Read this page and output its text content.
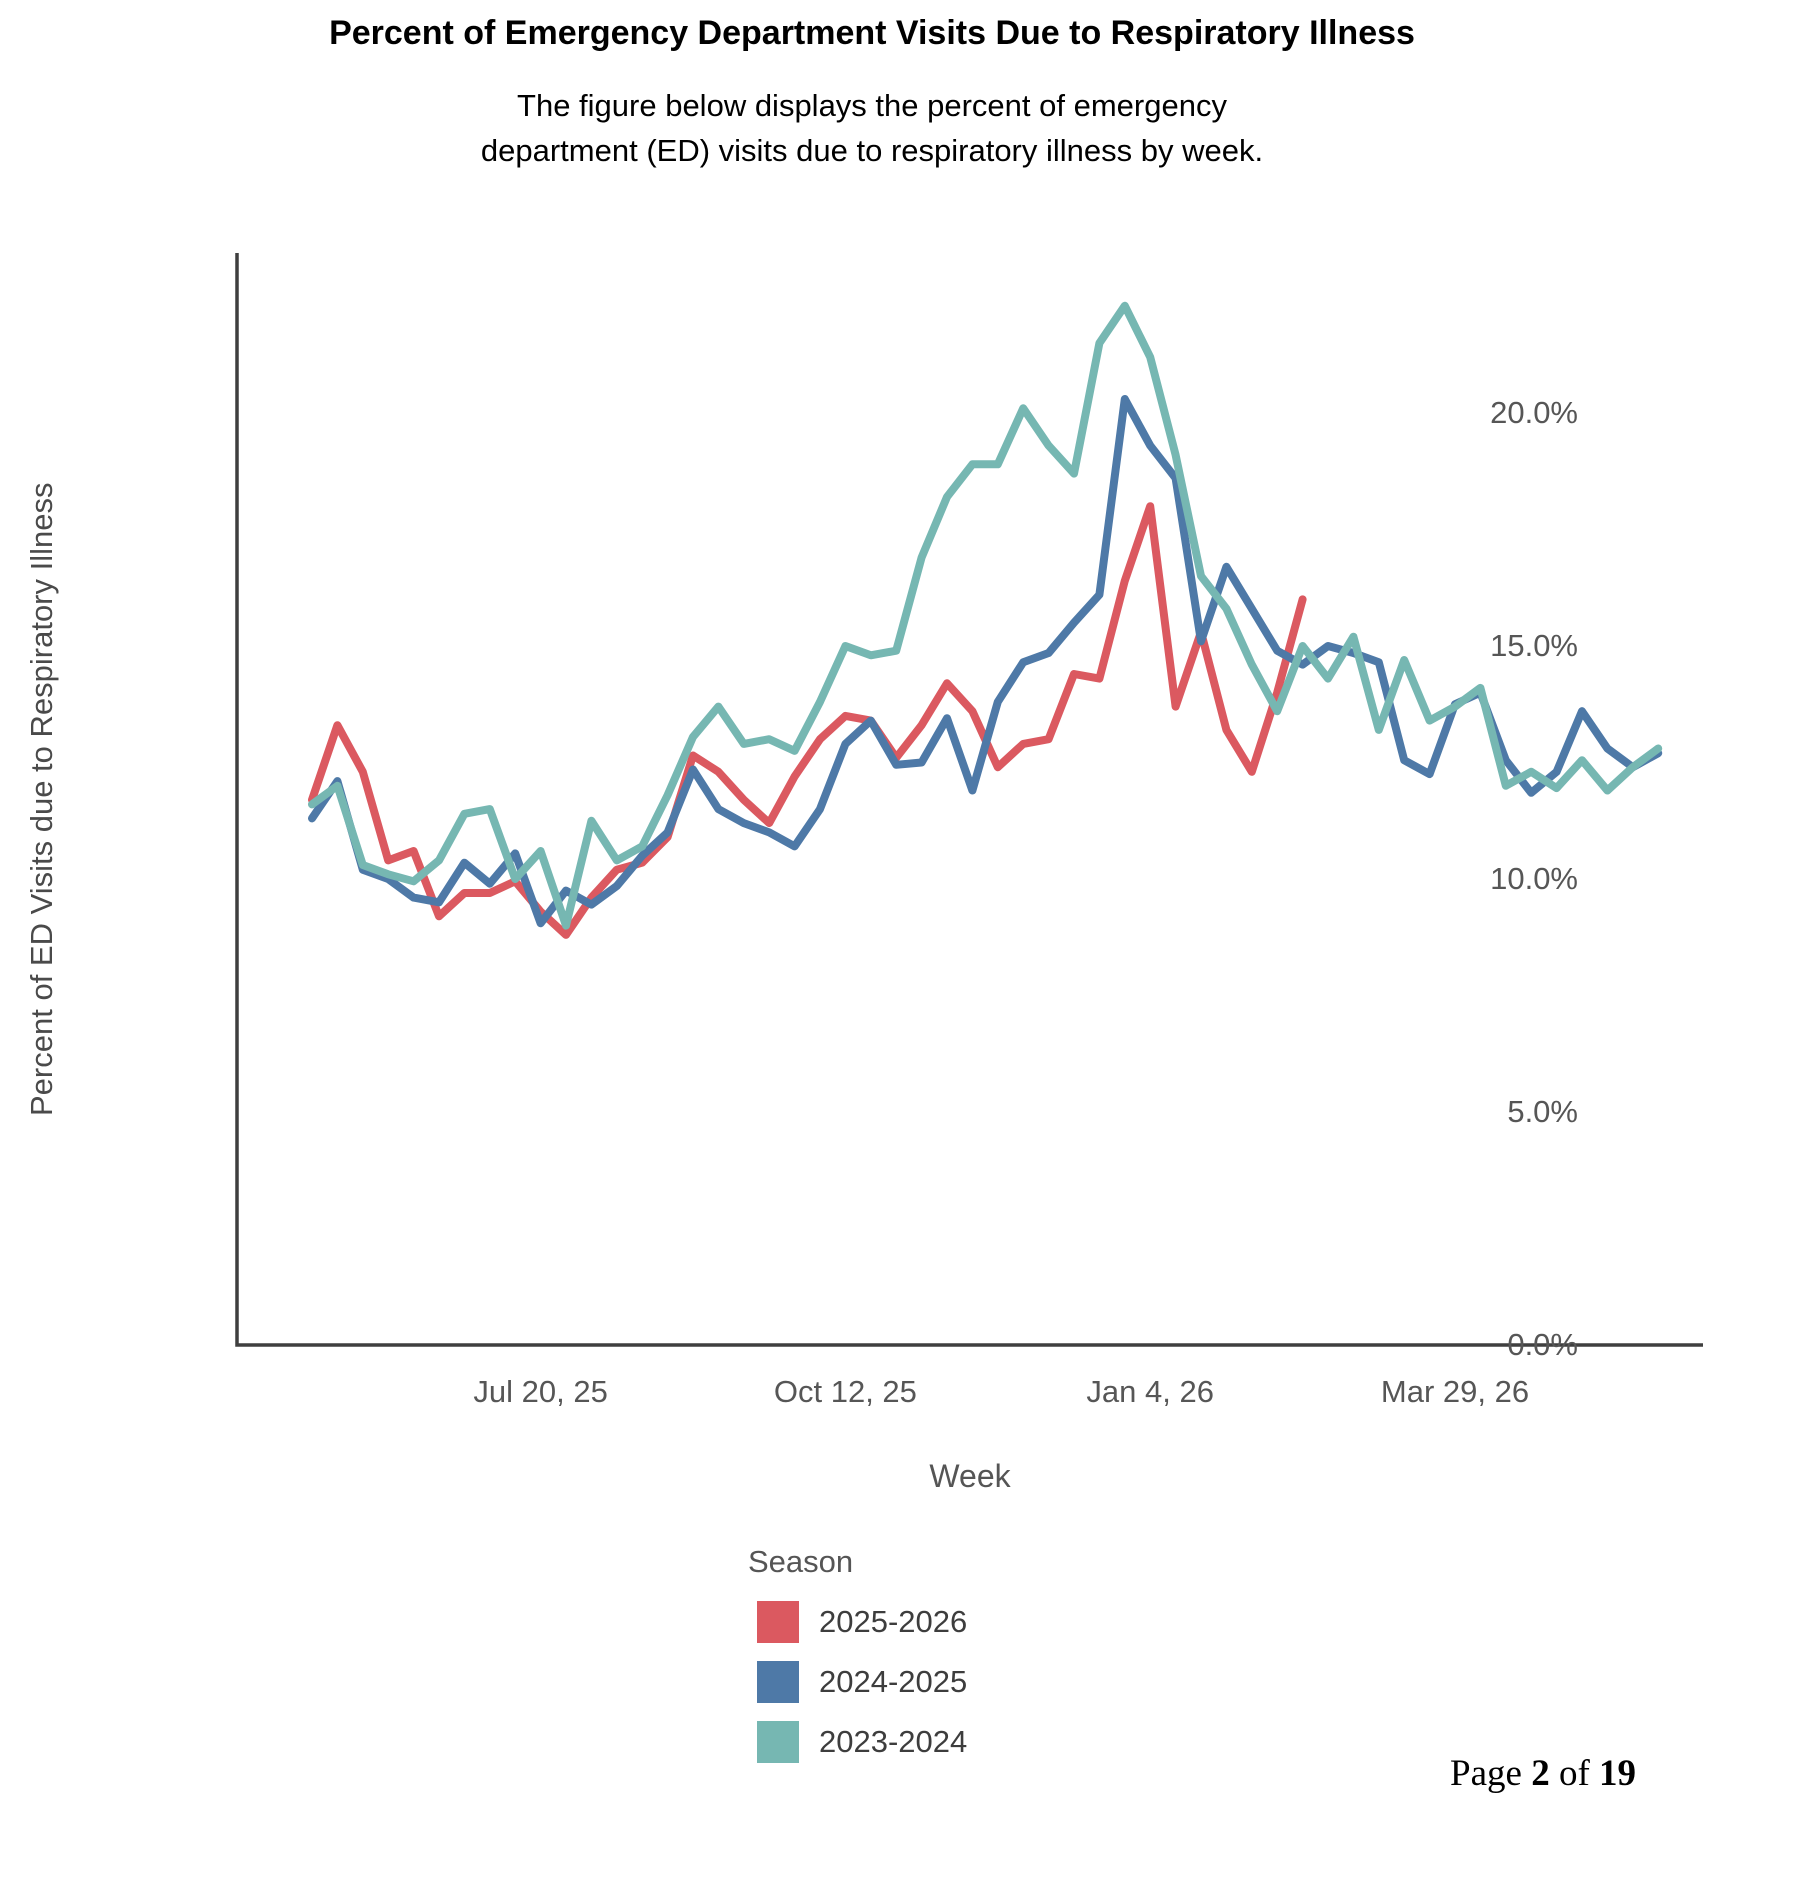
Percent of Emergency Department Visits Due to Respiratory Illness
The figure below displays the percent of emergency
department (ED) visits due to respiratory illness by week.
Percent of ED Visits due to Respiratory Illness
Week
0.0%
5.0%
10.0%
15.0%
20.0%
Jul 20, 25	Oct 12, 25	Jan 4, 26	Mar 29, 26
Season
2025-2026
2024-2025
2023-2024
Page 2 of 19
